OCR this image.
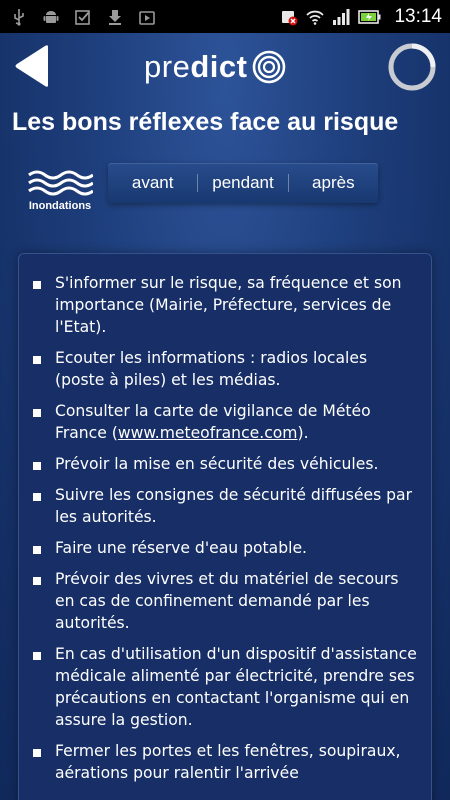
13:14
predict
Les bons réflexes face au risque
Inondations
avant	pendant	après
S'informer sur le risque, sa fréquence et son importance (Mairie, Préfecture, services de l'Etat).
Ecouter les informations : radios locales (poste à piles) et les médias.
Consulter la carte de vigilance de Météo France (www.meteofrance.com).
Prévoir la mise en sécurité des véhicules.
Suivre les consignes de sécurité diffusées par les autorités.
Faire une réserve d'eau potable.
Prévoir des vivres et du matériel de secours en cas de confinement demandé par les autorités.
En cas d'utilisation d'un dispositif d'assistance médicale alimenté par électricité, prendre ses précautions en contactant l'organisme qui en assure la gestion.
Fermer les portes et les fenêtres, soupiraux, aérations pour ralentir l'arrivée
